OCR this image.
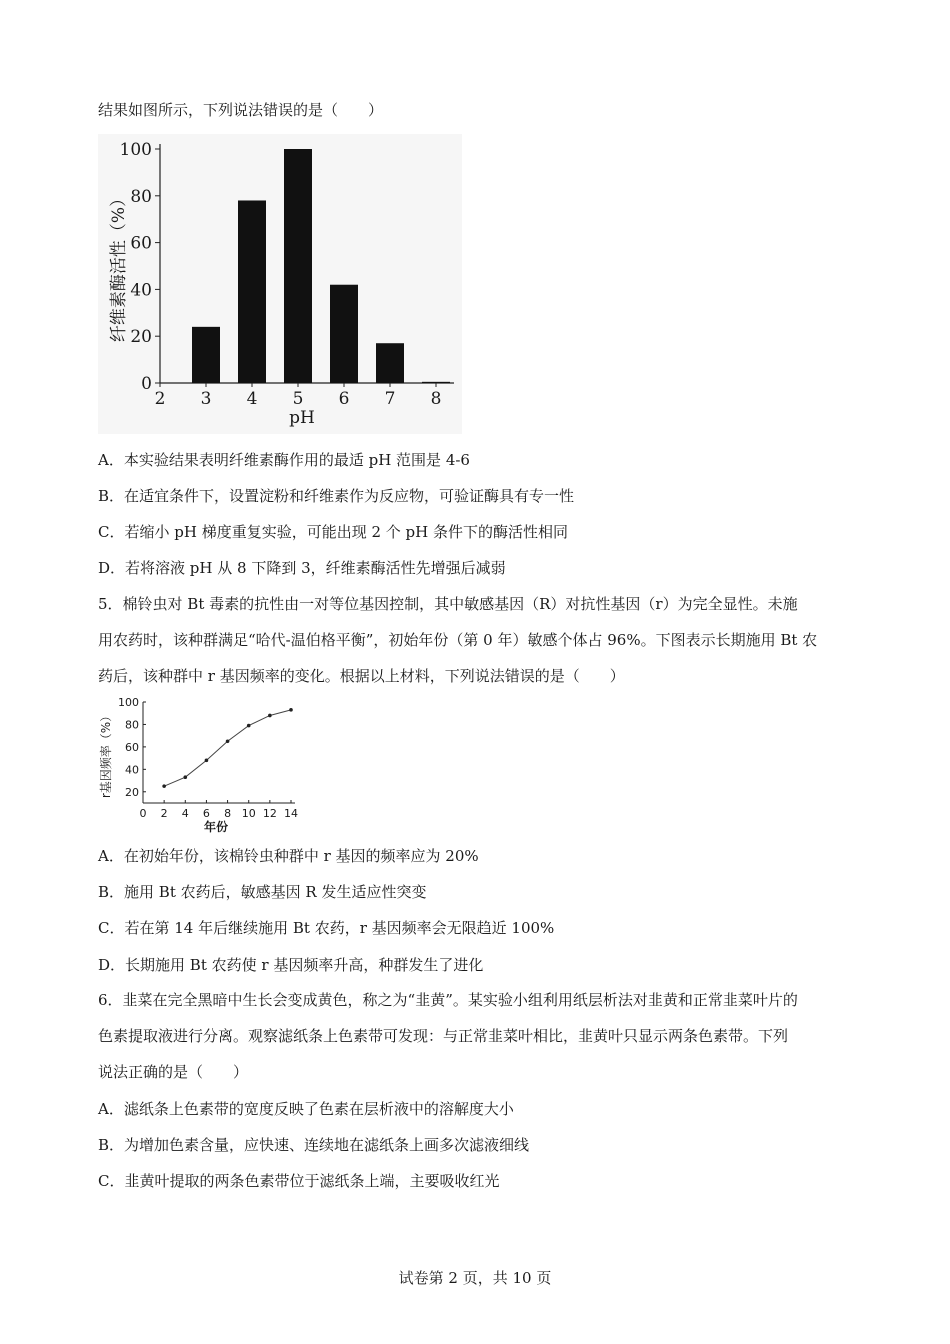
结果如图所示，下列说法错误的是（　　）
0
20
40
60
80
100
2 3 4 5 6 7 8
pH
纤维素酶活性（%）
A．本实验结果表明纤维素酶作用的最适 pH 范围是 4-6
B．在适宜条件下，设置淀粉和纤维素作为反应物，可验证酶具有专一性
C．若缩小 pH 梯度重复实验，可能出现 2 个 pH 条件下的酶活性相同
D．若将溶液 pH 从 8 下降到 3，纤维素酶活性先增强后减弱
5．棉铃虫对 Bt 毒素的抗性由一对等位基因控制，其中敏感基因（R）对抗性基因（r）为完全显性。未施
用农药时，该种群满足“哈代-温伯格平衡”，初始年份（第 0 年）敏感个体占 96%。下图表示长期施用 Bt 农
药后，该种群中 r 基因频率的变化。根据以上材料，下列说法错误的是（　　）
20
40
60
80
100
0 2 4 6 8 10 12 14
年份
r基因频率（%）
A．在初始年份，该棉铃虫种群中 r 基因的频率应为 20%
B．施用 Bt 农药后，敏感基因 R 发生适应性突变
C．若在第 14 年后继续施用 Bt 农药，r 基因频率会无限趋近 100%
D．长期施用 Bt 农药使 r 基因频率升高，种群发生了进化
6．韭菜在完全黑暗中生长会变成黄色，称之为“韭黄”。某实验小组利用纸层析法对韭黄和正常韭菜叶片的
色素提取液进行分离。观察滤纸条上色素带可发现：与正常韭菜叶相比，韭黄叶只显示两条色素带。下列
说法正确的是（　　）
A．滤纸条上色素带的宽度反映了色素在层析液中的溶解度大小
B．为增加色素含量，应快速、连续地在滤纸条上画多次滤液细线
C．韭黄叶提取的两条色素带位于滤纸条上端，主要吸收红光
试卷第 2 页，共 10 页
